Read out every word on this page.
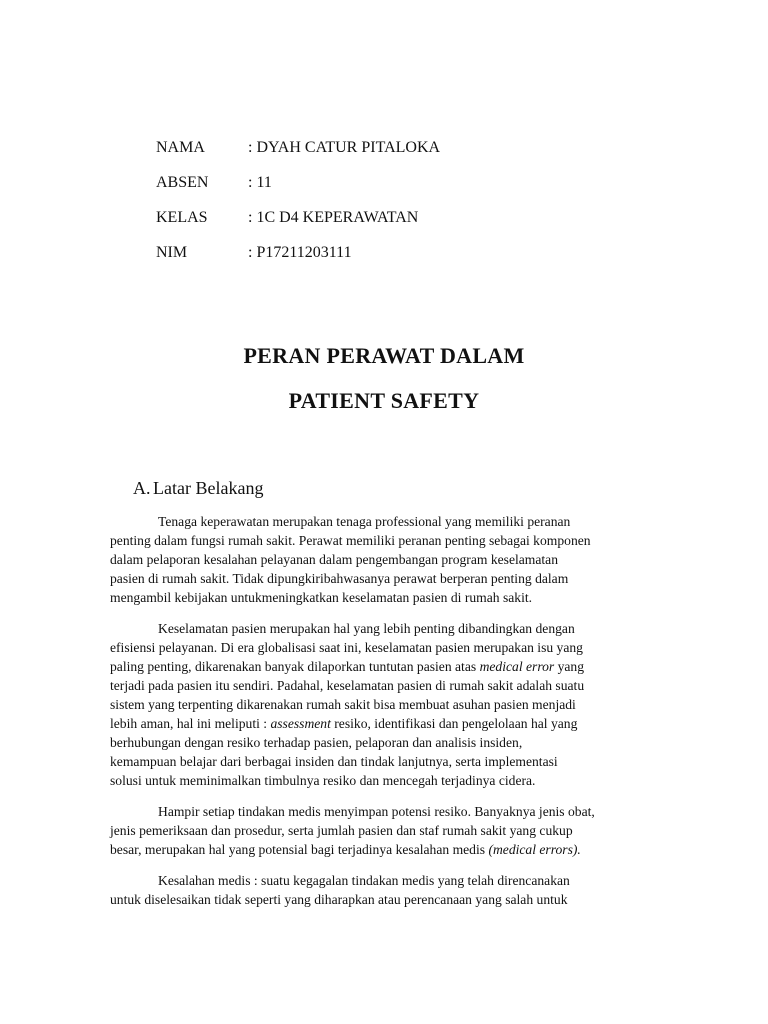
NAMA	: DYAH CATUR PITALOKA
ABSEN	: 11
KELAS	: 1C D4 KEPERAWATAN
NIM	: P17211203111
PERAN PERAWAT DALAM
PATIENT SAFETY
A. Latar Belakang
Tenaga keperawatan merupakan tenaga professional yang memiliki peranan
penting dalam fungsi rumah sakit. Perawat memiliki peranan penting sebagai komponen
dalam pelaporan kesalahan pelayanan dalam pengembangan program keselamatan
pasien di rumah sakit. Tidak dipungkiribahwasanya perawat berperan penting dalam
mengambil kebijakan untukmeningkatkan keselamatan pasien di rumah sakit.
Keselamatan pasien merupakan hal yang lebih penting dibandingkan dengan
efisiensi pelayanan. Di era globalisasi saat ini, keselamatan pasien merupakan isu yang
paling penting, dikarenakan banyak dilaporkan tuntutan pasien atas medical error yang
terjadi pada pasien itu sendiri. Padahal, keselamatan pasien di rumah sakit adalah suatu
sistem yang terpenting dikarenakan rumah sakit bisa membuat asuhan pasien menjadi
lebih aman, hal ini meliputi : assessment resiko, identifikasi dan pengelolaan hal yang
berhubungan dengan resiko terhadap pasien, pelaporan dan analisis insiden,
kemampuan belajar dari berbagai insiden dan tindak lanjutnya, serta implementasi
solusi untuk meminimalkan timbulnya resiko dan mencegah terjadinya cidera.
Hampir setiap tindakan medis menyimpan potensi resiko. Banyaknya jenis obat,
jenis pemeriksaan dan prosedur, serta jumlah pasien dan staf rumah sakit yang cukup
besar, merupakan hal yang potensial bagi terjadinya kesalahan medis (medical errors).
Kesalahan medis : suatu kegagalan tindakan medis yang telah direncanakan
untuk diselesaikan tidak seperti yang diharapkan atau perencanaan yang salah untuk
